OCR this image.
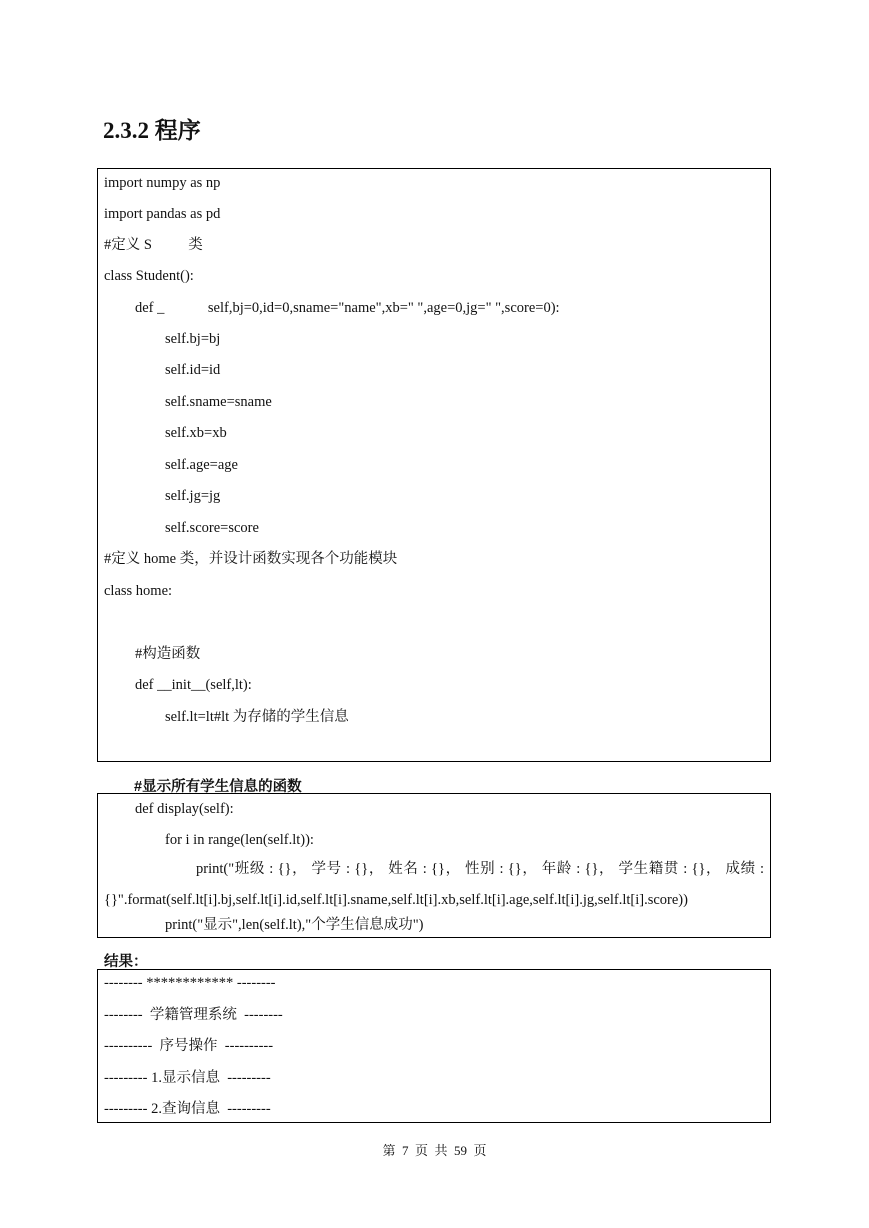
2.3.2 程序
import numpy as np
import pandas as pd
#定义 S          类
class Student():
def _            self,bj=0,id=0,sname="name",xb=" ",age=0,jg=" ",score=0):
self.bj=bj
self.id=id
self.sname=sname
self.xb=xb
self.age=age
self.jg=jg
self.score=score
#定义 home 类，并设计函数实现各个功能模块
class home:
#构造函数
def __init__(self,lt):
self.lt=lt#lt 为存储的学生信息
#显示所有学生信息的函数
def display(self):
for i in range(len(self.lt)):
print("班级 : {}， 学号 : {}， 姓名 : {}， 性别 : {}， 年龄 : {}， 学生籍贯 : {}， 成绩 : {}".format(self.lt[i].bj,self.lt[i].id,self.lt[i].sname,self.lt[i].xb,self.lt[i].age,self.lt[i].jg,self.lt[i].score))
print("显示",len(self.lt),"个学生信息成功")
结果：
-------- ************ --------
--------  学籍管理系统  --------
----------  序号操作  ----------
--------- 1.显示信息  ---------
--------- 2.查询信息  ---------
第  7  页  共  59  页
